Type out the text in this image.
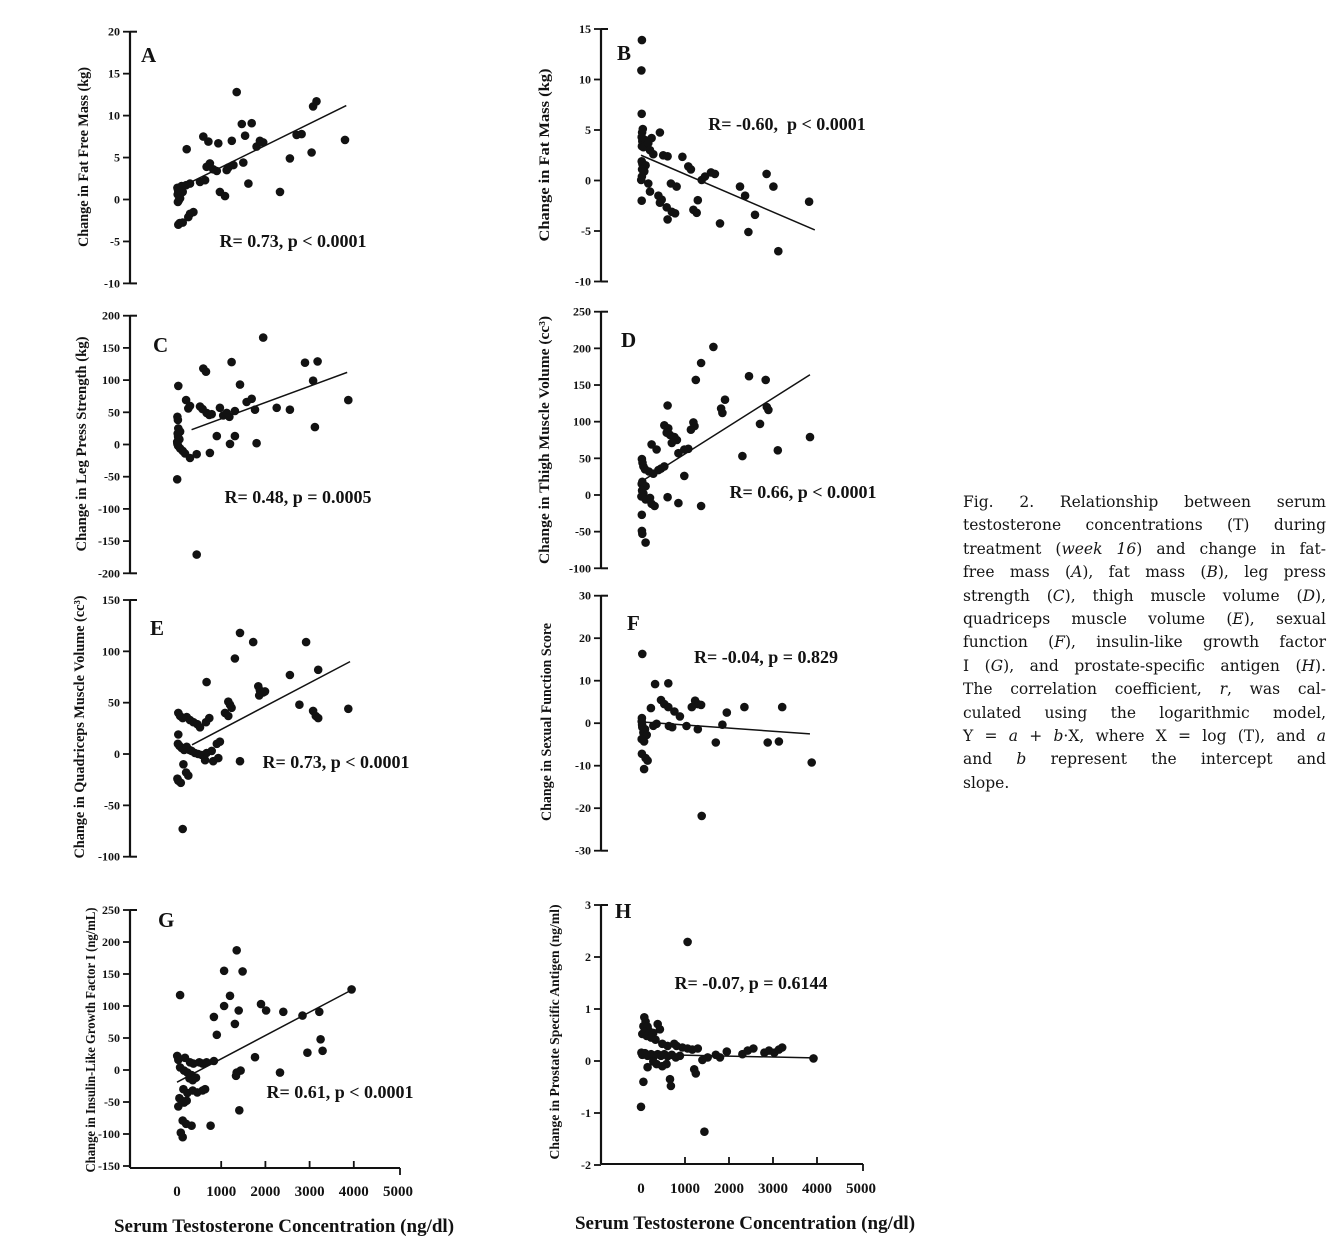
20
15
10
5
0
-5
-10
Change in Fat Free Mass (kg)
A
R= 0.73, p < 0.0001
15
10
5
0
-5
-10
Change in Fat Mass (kg)
B
R= -0.60,  p < 0.0001
200
150
100
50
0
-50
-100
-150
-200
Change in Leg Press Strength (kg)	C
R= 0.48, p = 0.0005
250
200
150
100
50
0
-50
-100
Change in Thigh Muscle Volume (cc³)	D
R= 0.66, p < 0.0001
150
100
50
0
-50
-100
Change in Quadriceps Muscle Volume (cc³)	E
R= 0.73, p < 0.0001
30
20
10
0
-10
-20
-30
Change in Sexual Function Score	F
R= -0.04, p = 0.829
250
200
150
100
50
0
-50
-100
-150
0 1000 2000 3000 4000 5000
Serum Testosterone Concentration (ng/dl)
Change in Insulin-Like Growth Factor I (ng/mL)	G
R= 0.61, p < 0.0001
3
2
1
0
-1
-2
0 1000 2000 3000 4000 5000
Serum Testosterone Concentration (ng/dl)
Change in Prostate Specific Antigen (ng/ml) H
R= -0.07, p = 0.6144
Fig. 2. Relationship between serum
testosterone concentrations (T) during
treatment (week 16) and change in fat-
free mass (A), fat mass (B), leg press
strength (C), thigh muscle volume (D),
quadriceps muscle volume (E), sexual
function (F), insulin-like growth factor
I (G), and prostate-specific antigen (H).
The correlation coefficient, r, was cal-
culated using the logarithmic model,
Y = a + b·X, where X = log (T), and a
and b represent the intercept and
slope.
